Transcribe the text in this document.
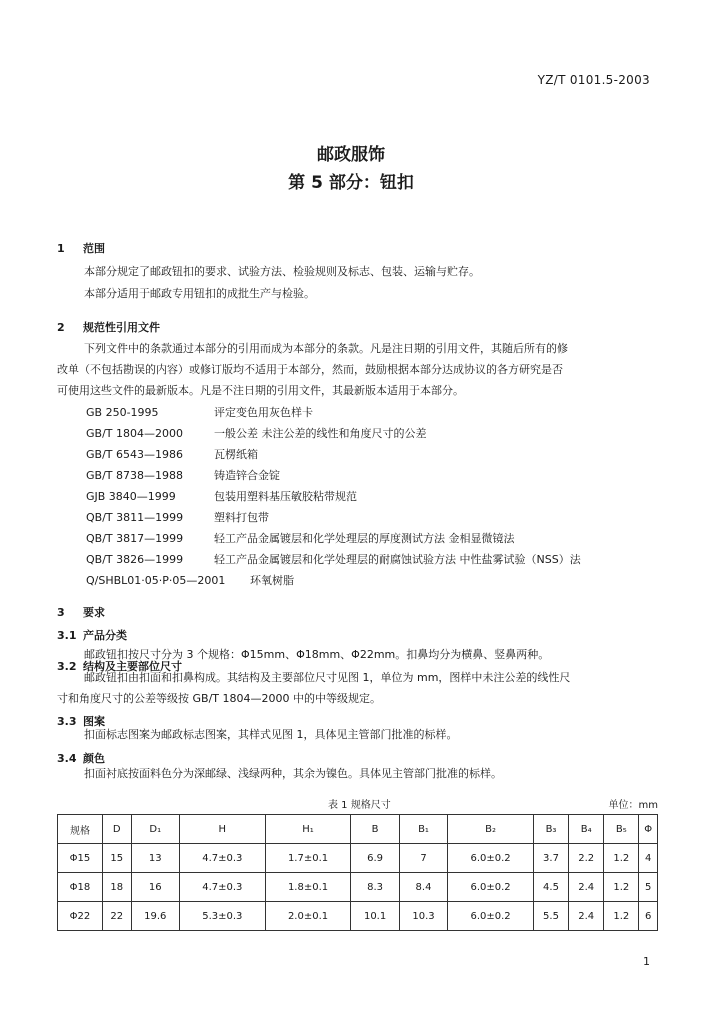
YZ/T 0101.5-2003
邮政服饰
第 5 部分：钮扣
1 范围
本部分规定了邮政钮扣的要求、试验方法、检验规则及标志、包装、运输与贮存。
本部分适用于邮政专用钮扣的成批生产与检验。
2 规范性引用文件
下列文件中的条款通过本部分的引用而成为本部分的条款。凡是注日期的引用文件，其随后所有的修
改单（不包括勘误的内容）或修订版均不适用于本部分，然而，鼓励根据本部分达成协议的各方研究是否
可使用这些文件的最新版本。凡是不注日期的引用文件，其最新版本适用于本部分。
GB 250-1995	评定变色用灰色样卡
GB/T 1804—2000	一般公差 未注公差的线性和角度尺寸的公差
GB/T 6543—1986	瓦楞纸箱
GB/T 8738—1988	铸造锌合金锭
GJB 3840—1999	包装用塑料基压敏胶粘带规范
QB/T 3811—1999	塑料打包带
QB/T 3817—1999	轻工产品金属镀层和化学处理层的厚度测试方法 金相显微镜法
QB/T 3826—1999	轻工产品金属镀层和化学处理层的耐腐蚀试验方法 中性盐雾试验（NSS）法
Q/SHBL01·05·P·05—2001 环氧树脂
3 要求
3.1 产品分类
邮政钮扣按尺寸分为 3 个规格：Φ15mm、Φ18mm、Φ22mm。扣鼻均分为横鼻、竖鼻两种。
3.2 结构及主要部位尺寸
邮政钮扣由扣面和扣鼻构成。其结构及主要部位尺寸见图 1，单位为 mm，图样中未注公差的线性尺
寸和角度尺寸的公差等级按 GB/T 1804—2000 中的中等级规定。
3.3 图案
扣面标志图案为邮政标志图案，其样式见图 1，具体见主管部门批准的标样。
3.4 颜色
表 1 规格尺寸	单位：mm
规格	D	D₁	H	H₁	B	B₁	B₂	B₃	B₄	B₅	Φ
Φ15	15	13	4.7±0.3	1.7±0.1	6.9	7	6.0±0.2	3.7	2.2	1.2	4
Φ18	18	16	4.7±0.3	1.8±0.1	8.3	8.4	6.0±0.2	4.5	2.4	1.2	5
Φ22	22	19.6	5.3±0.3	2.0±0.1	10.1	10.3	6.0±0.2	5.5	2.4	1.2	6
1
扣面衬底按面料色分为深邮绿、浅绿两种，其余为镍色。具体见主管部门批准的标样。
